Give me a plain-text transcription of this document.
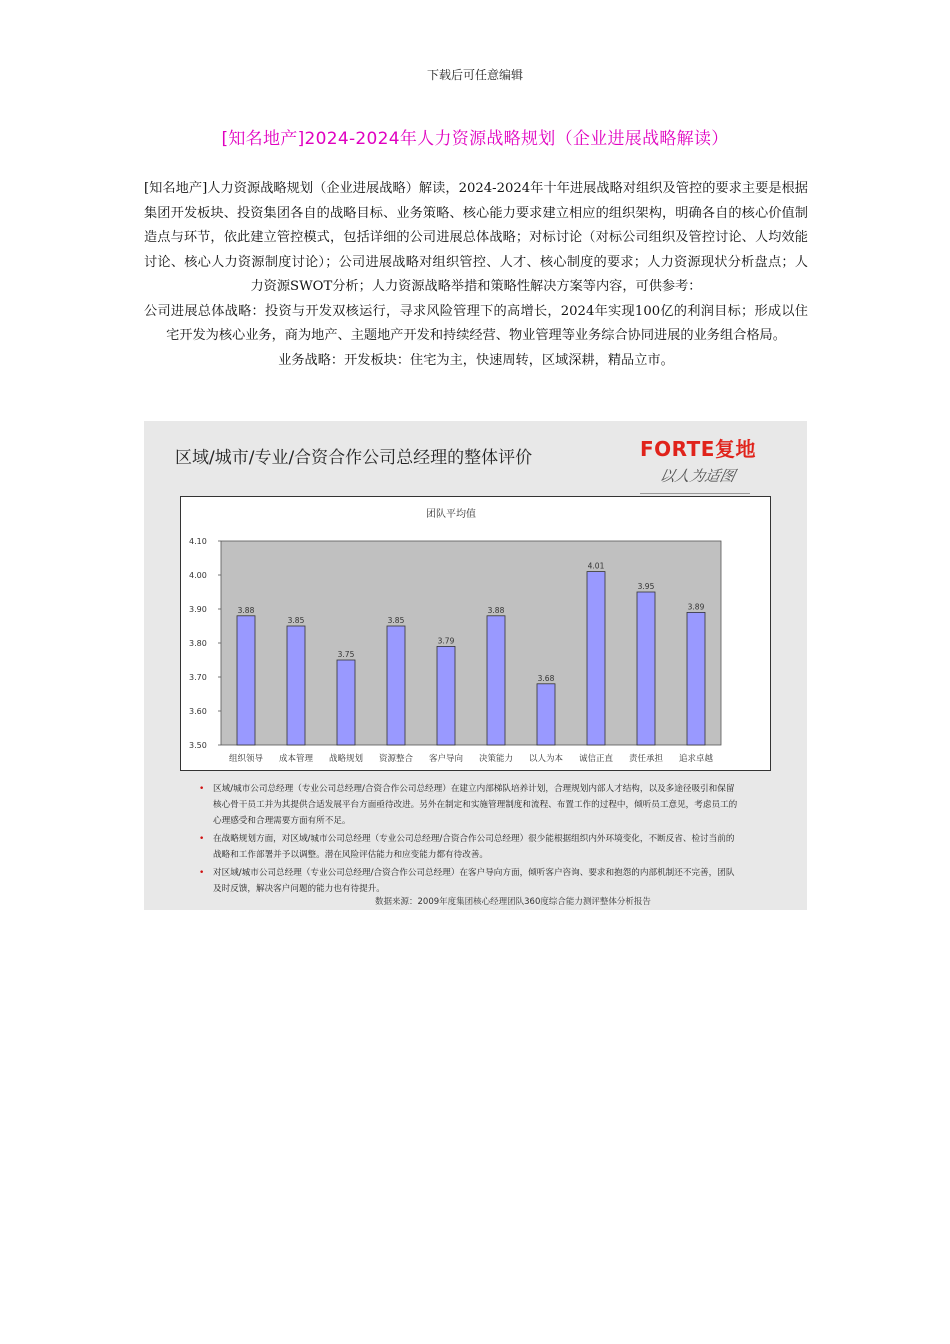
下载后可任意编辑
[知名地产]2024-2024年人力资源战略规划（企业进展战略解读）

[知名地产]人力资源战略规划（企业进展战略）解读，2024-2024年十年进展战略对组织及管控的要求主要是根据集团开发板块、投资集团各自的战略目标、业务策略、核心能力要求建立相应的组织架构，明确各自的核心价值制造点与环节，依此建立管控模式，包括详细的公司进展总体战略；对标讨论（对标公司组织及管控讨论、人均效能讨论、核心人力资源制度讨论）；公司进展战略对组织管控、人才、核心制度的要求；人力资源现状分析盘点；人力资源SWOT分析；人力资源战略举措和策略性解决方案等内容，可供参考：

公司进展总体战略：投资与开发双核运行，寻求风险管理下的高增长，2024年实现100亿的利润目标；形成以住宅开发为核心业务，商为地产、主题地产开发和持续经营、物业管理等业务综合协同进展的业务组合格局。

业务战略：开发板块：住宅为主，快速周转，区域深耕，精品立市。

区域/城市/专业/合资合作公司总经理的整体评价	FORTE复地
以人为适图
团队平均值
3.50
3.60
3.70
3.80
3.90
4.00
4.10
3.88
组织领导
3.85
成本管理
3.75
战略规划
3.85
资源整合
3.79
客户导向
3.88
决策能力
3.68
以人为本
4.01
诚信正直
3.95
责任承担
3.89
追求卓越
• 区域/城市公司总经理（专业公司总经理/合资合作公司总经理）在建立内部梯队培养计划，合理规划内部人才结构，以及多途径吸引和保留核心骨干员工并为其提供合适发展平台方面亟待改进。另外在制定和实施管理制度和流程、布置工作的过程中，倾听员工意见，考虑员工的心理感受和合理需要方面有所不足。
• 在战略规划方面，对区域/城市公司总经理（专业公司总经理/合资合作公司总经理）很少能根据组织内外环境变化，不断反省、检讨当前的战略和工作部署并予以调整。潜在风险评估能力和应变能力都有待改善。
• 对区域/城市公司总经理（专业公司总经理/合资合作公司总经理）在客户导向方面，倾听客户咨询、要求和抱怨的内部机制还不完善，团队及时反馈，解决客户问题的能力也有待提升。
数据来源：2009年度集团核心经理团队360度综合能力测评整体分析报告
